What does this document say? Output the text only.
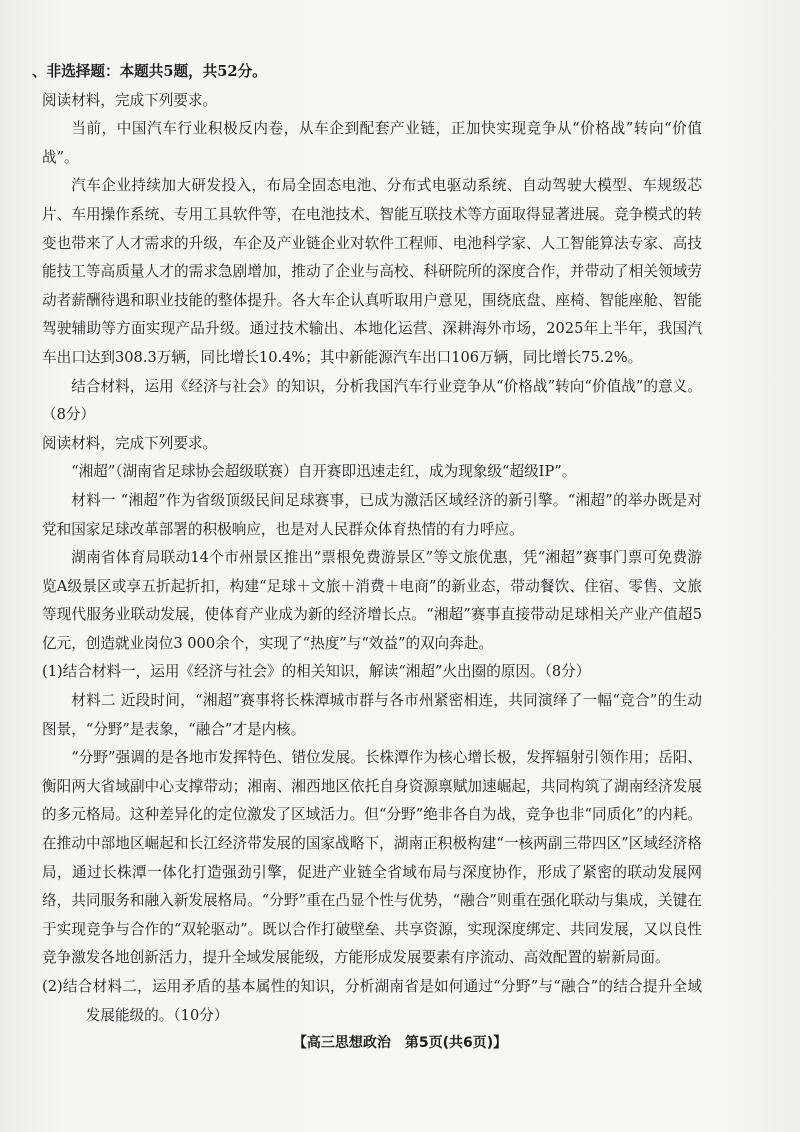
、非选择题：本题共5题，共52分。

阅读材料，完成下列要求。

当前，中国汽车行业积极反内卷，从车企到配套产业链，正加快实现竞争从“价格战”转向“价值战”。

汽车企业持续加大研发投入，布局全固态电池、分布式电驱动系统、自动驾驶大模型、车规级芯片、车用操作系统、专用工具软件等，在电池技术、智能互联技术等方面取得显著进展。竞争模式的转变也带来了人才需求的升级，车企及产业链企业对软件工程师、电池科学家、人工智能算法专家、高技能技工等高质量人才的需求急剧增加，推动了企业与高校、科研院所的深度合作，并带动了相关领域劳动者薪酬待遇和职业技能的整体提升。各大车企认真听取用户意见，围绕底盘、座椅、智能座舱、智能驾驶辅助等方面实现产品升级。通过技术输出、本地化运营、深耕海外市场，2025年上半年，我国汽车出口达到308.3万辆，同比增长10.4%；其中新能源汽车出口106万辆，同比增长75.2%。

结合材料，运用《经济与社会》的知识，分析我国汽车行业竞争从“价格战”转向“价值战”的意义。（8分）

阅读材料，完成下列要求。

“湘超”（湖南省足球协会超级联赛）自开赛即迅速走红，成为现象级“超级IP”。

材料一 “湘超”作为省级顶级民间足球赛事，已成为激活区域经济的新引擎。“湘超”的举办既是对党和国家足球改革部署的积极响应，也是对人民群众体育热情的有力呼应。

湖南省体育局联动14个市州景区推出“票根免费游景区”等文旅优惠，凭“湘超”赛事门票可免费游览A级景区或享五折起折扣，构建“足球＋文旅＋消费＋电商”的新业态，带动餐饮、住宿、零售、文旅等现代服务业联动发展，使体育产业成为新的经济增长点。“湘超”赛事直接带动足球相关产业产值超5亿元，创造就业岗位3 000余个，实现了“热度”与“效益”的双向奔赴。

(1)结合材料一，运用《经济与社会》的相关知识，解读“湘超”火出圈的原因。（8分）

材料二 近段时间，“湘超”赛事将长株潭城市群与各市州紧密相连，共同演绎了一幅“竞合”的生动图景，“分野”是表象，“融合”才是内核。

“分野”强调的是各地市发挥特色、错位发展。长株潭作为核心增长极，发挥辐射引领作用；岳阳、衡阳两大省域副中心支撑带动；湘南、湘西地区依托自身资源禀赋加速崛起，共同构筑了湖南经济发展的多元格局。这种差异化的定位激发了区域活力。但“分野”绝非各自为战，竞争也非“同质化”的内耗。在推动中部地区崛起和长江经济带发展的国家战略下，湖南正积极构建“一核两副三带四区”区域经济格局，通过长株潭一体化打造强劲引擎，促进产业链全省域布局与深度协作，形成了紧密的联动发展网络，共同服务和融入新发展格局。“分野”重在凸显个性与优势，“融合”则重在强化联动与集成，关键在于实现竞争与合作的“双轮驱动”。既以合作打破壁垒、共享资源，实现深度绑定、共同发展，又以良性竞争激发各地创新活力，提升全域发展能级，方能形成发展要素有序流动、高效配置的崭新局面。

(2)结合材料二，运用矛盾的基本属性的知识，分析湖南省是如何通过“分野”与“融合”的结合提升全域发展能级的。（10分）

【高三思想政治　第5页(共6页)】
